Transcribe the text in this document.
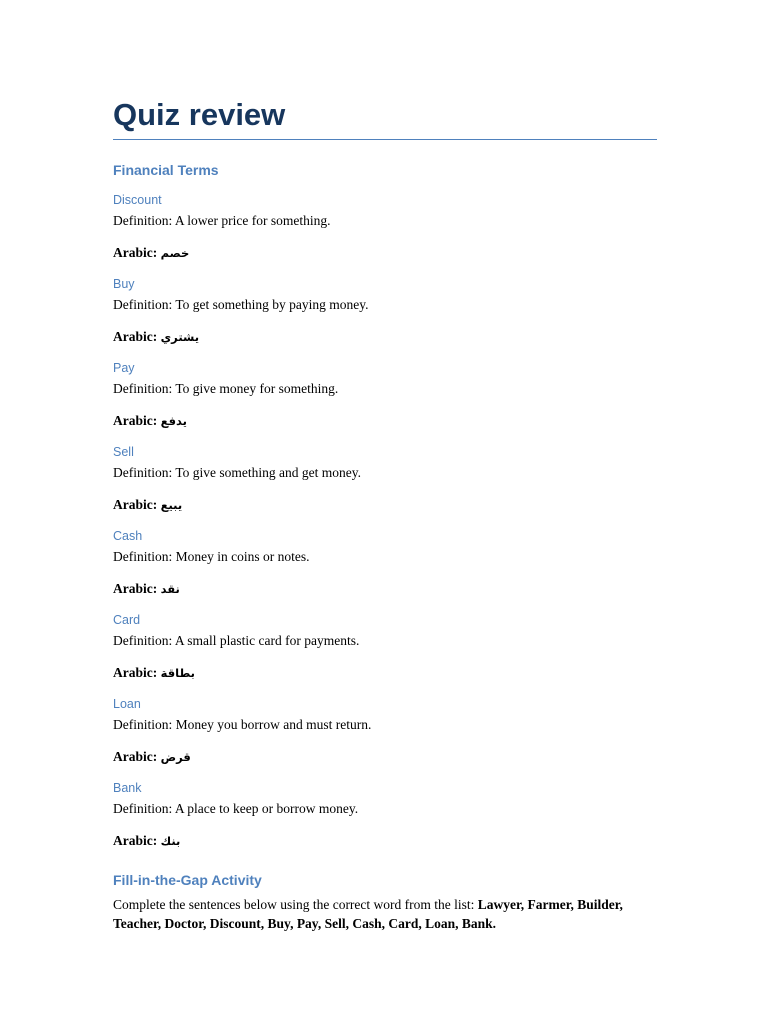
Quiz review
Financial Terms
Discount
Definition: A lower price for something.
Arabic: خصم
Buy
Definition: To get something by paying money.
Arabic: يشتري
Pay
Definition: To give money for something.
Arabic: يدفع
Sell
Definition: To give something and get money.
Arabic: يبيع
Cash
Definition: Money in coins or notes.
Arabic: نقد
Card
Definition: A small plastic card for payments.
Arabic: بطاقة
Loan
Definition: Money you borrow and must return.
Arabic: قرض
Bank
Definition: A place to keep or borrow money.
Arabic: بنك
Fill-in-the-Gap Activity
Complete the sentences below using the correct word from the list: Lawyer, Farmer, Builder, Teacher, Doctor, Discount, Buy, Pay, Sell, Cash, Card, Loan, Bank.
